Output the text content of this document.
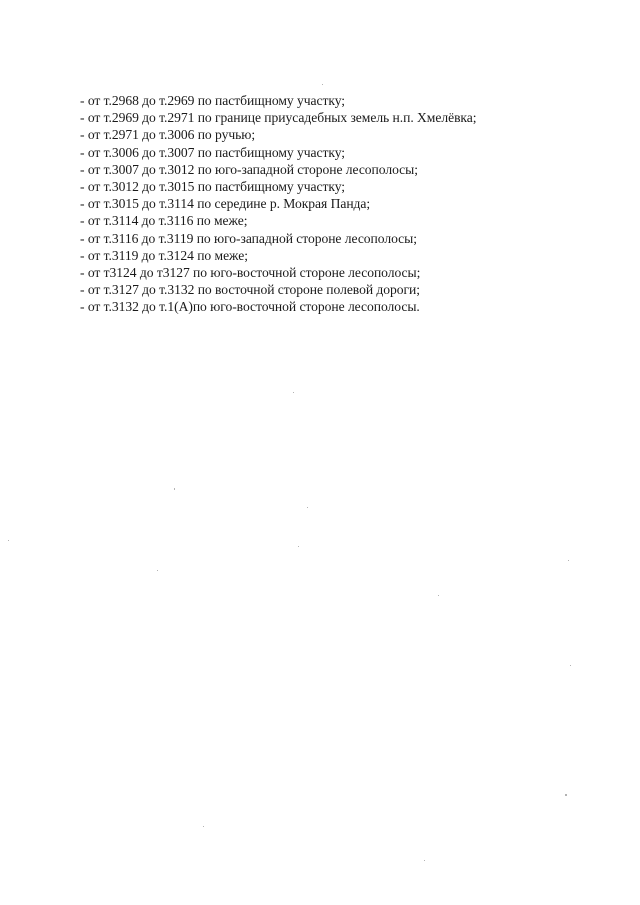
- от т.2968 до т.2969 по пастбищному участку;
- от т.2969 до т.2971 по границе приусадебных земель н.п. Хмелёвка;
- от т.2971 до т.3006 по ручью;
- от т.3006 до т.3007 по пастбищному участку;
- от т.3007 до т.3012 по юго-западной стороне лесополосы;
- от т.3012 до т.3015 по пастбищному участку;
- от т.3015 до т.3114 по середине р. Мокрая Панда;
- от т.3114 до т.3116 по меже;
- от т.3116 до т.3119 по юго-западной стороне лесополосы;
- от т.3119 до т.3124 по меже;
- от т3124 до т3127 по юго-восточной стороне лесополосы;
- от т.3127 до т.3132 по восточной стороне полевой дороги;
- от т.3132 до т.1(А)по юго-восточной стороне лесополосы.
